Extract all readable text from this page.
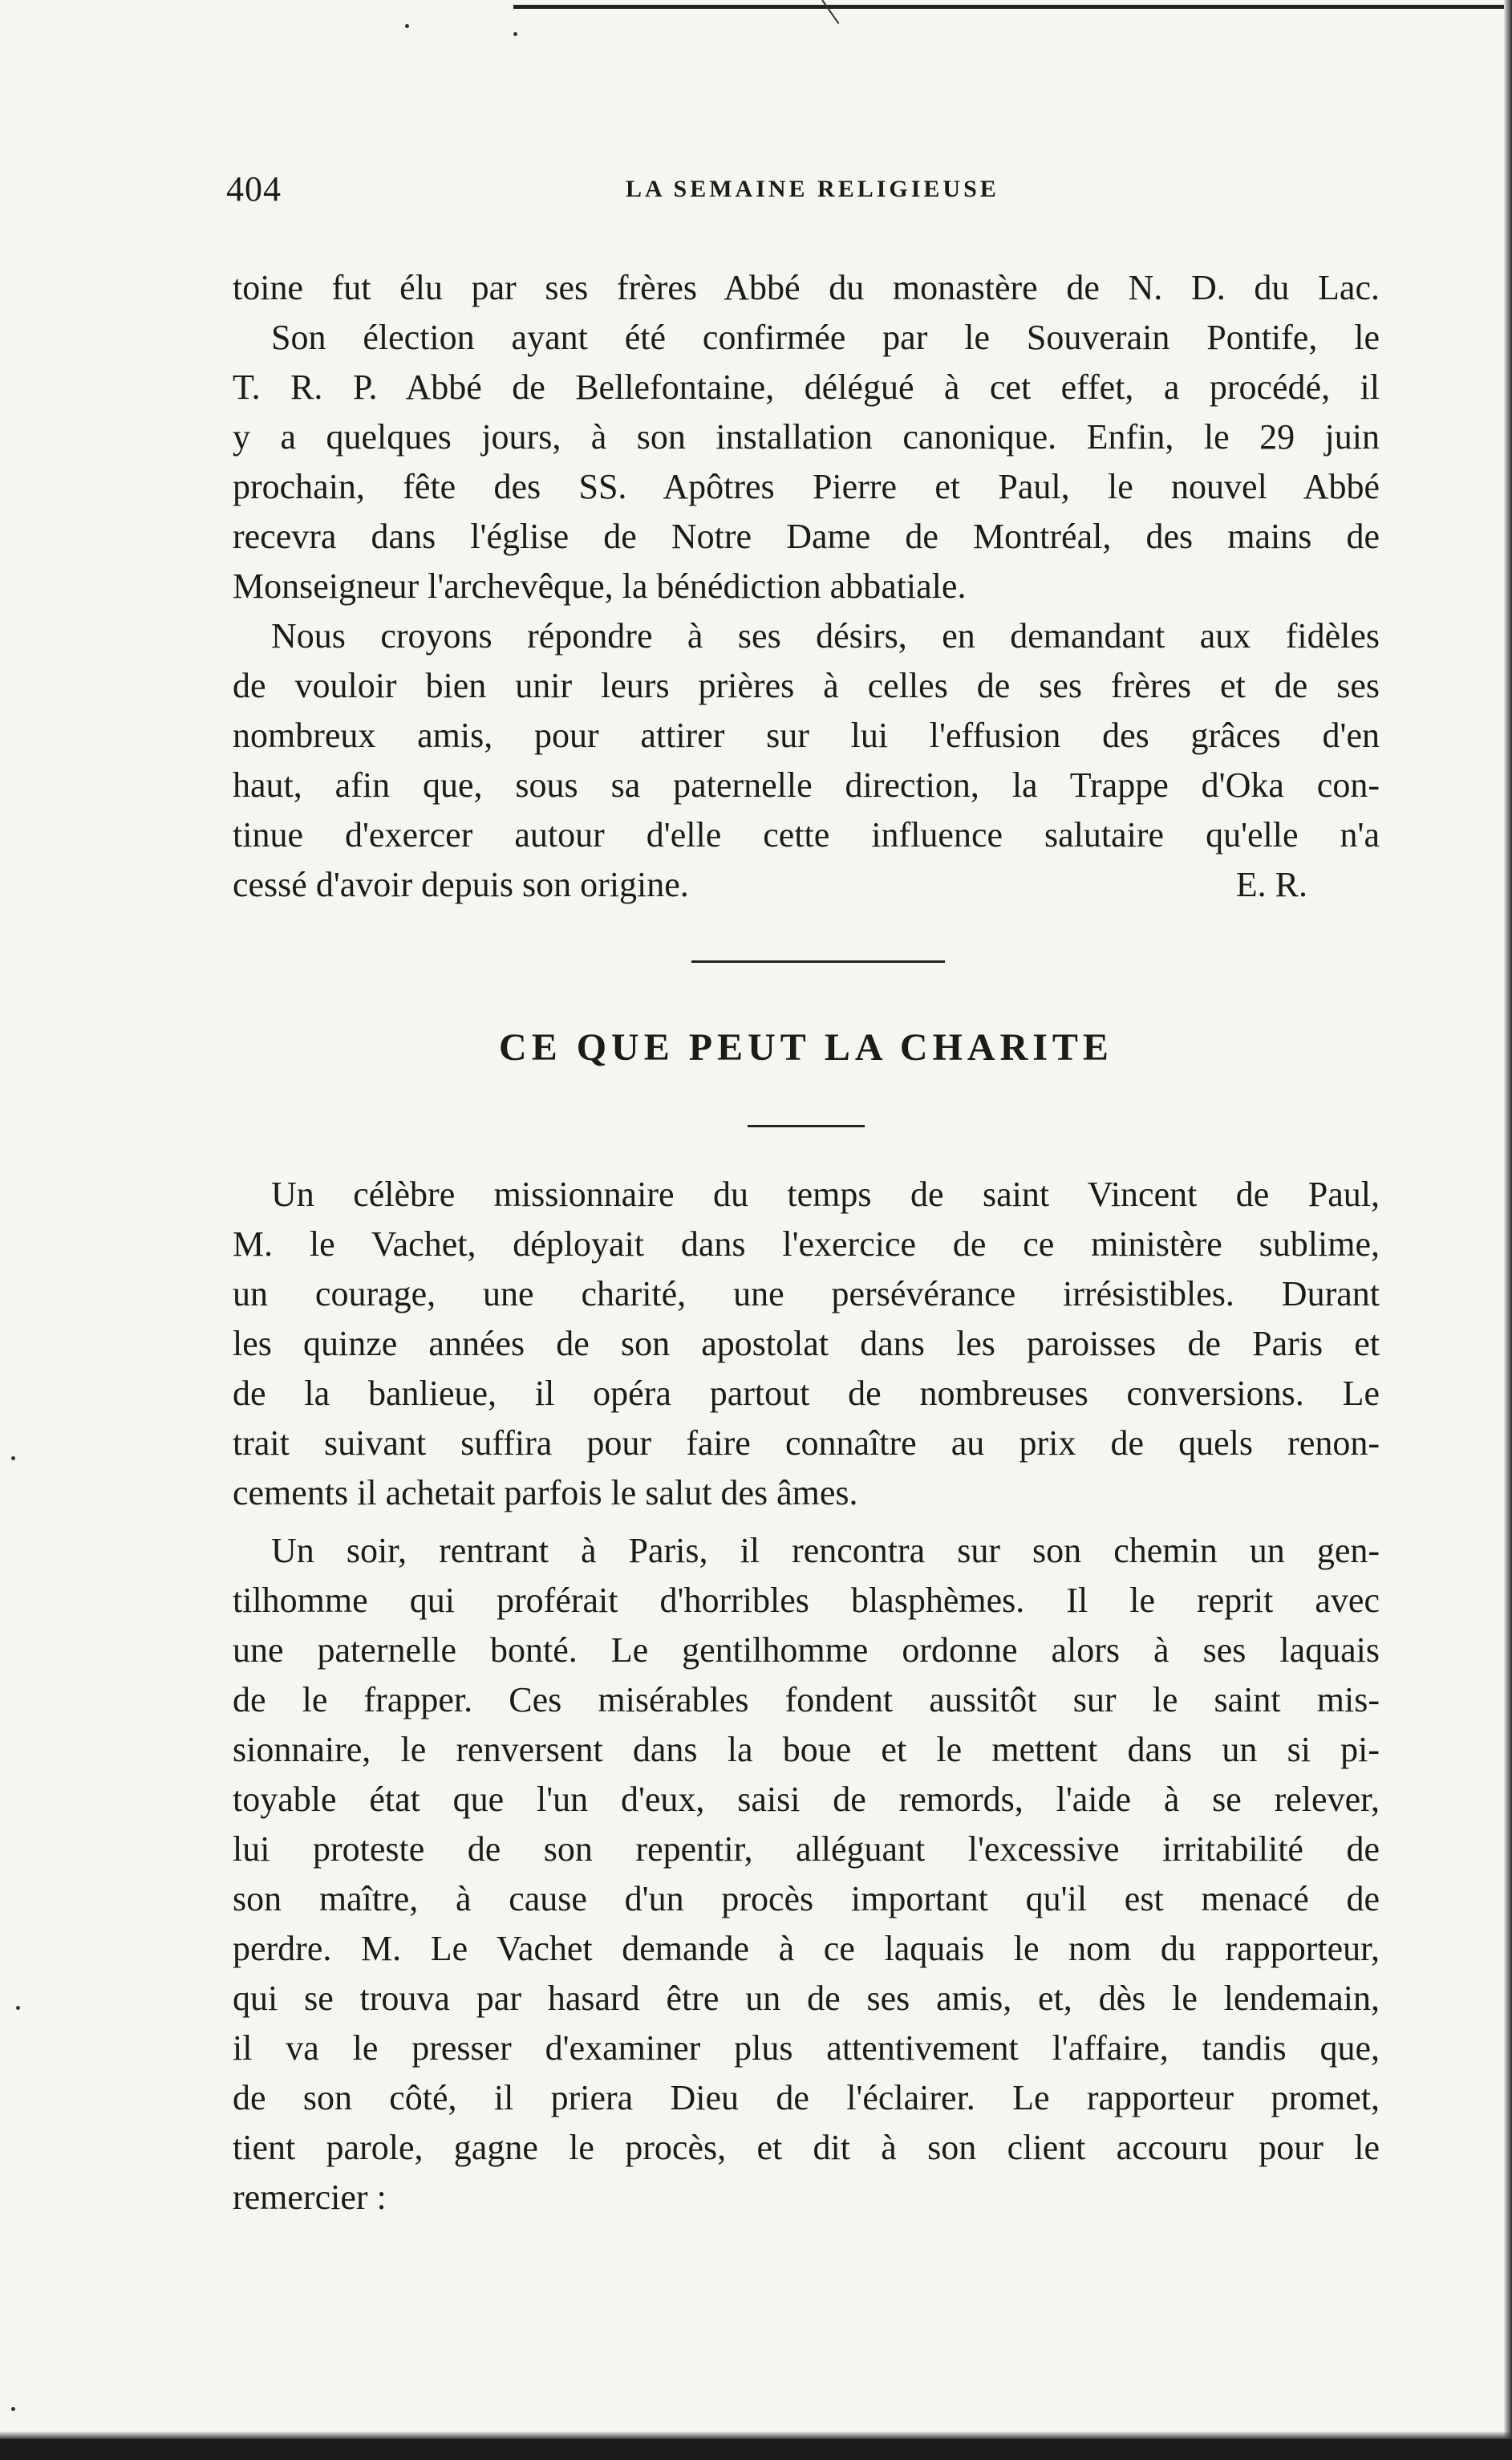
404	LA SEMAINE RELIGIEUSE
toine fut élu par ses frères Abbé du monastère de N. D. du Lac.
Son élection ayant été confirmée par le Souverain Pontife, le
T. R. P. Abbé de Bellefontaine, délégué à cet effet, a procédé, il
y a quelques jours, à son installation canonique. Enfin, le 29 juin
prochain, fête des SS. Apôtres Pierre et Paul, le nouvel Abbé
recevra dans l'église de Notre Dame de Montréal, des mains de
Monseigneur l'archevêque, la bénédiction abbatiale.
Nous croyons répondre à ses désirs, en demandant aux fidèles
de vouloir bien unir leurs prières à celles de ses frères et de ses
nombreux amis, pour attirer sur lui l'effusion des grâces d'en
haut, afin que, sous sa paternelle direction, la Trappe d'Oka con-
tinue d'exercer autour d'elle cette influence salutaire qu'elle n'a
cessé d'avoir depuis son origine.	E. R.
CE QUE PEUT LA CHARITE
Un célèbre missionnaire du temps de saint Vincent de Paul,
M. le Vachet, déployait dans l'exercice de ce ministère sublime,
un courage, une charité, une persévérance irrésistibles. Durant
les quinze années de son apostolat dans les paroisses de Paris et
de la banlieue, il opéra partout de nombreuses conversions. Le
trait suivant suffira pour faire connaître au prix de quels renon-
cements il achetait parfois le salut des âmes.
Un soir, rentrant à Paris, il rencontra sur son chemin un gen-
tilhomme qui proférait d'horribles blasphèmes. Il le reprit avec
une paternelle bonté. Le gentilhomme ordonne alors à ses laquais
de le frapper. Ces misérables fondent aussitôt sur le saint mis-
sionnaire, le renversent dans la boue et le mettent dans un si pi-
toyable état que l'un d'eux, saisi de remords, l'aide à se relever,
lui proteste de son repentir, alléguant l'excessive irritabilité de
son maître, à cause d'un procès important qu'il est menacé de
perdre. M. Le Vachet demande à ce laquais le nom du rapporteur,
qui se trouva par hasard être un de ses amis, et, dès le lendemain,
il va le presser d'examiner plus attentivement l'affaire, tandis que,
de son côté, il priera Dieu de l'éclairer. Le rapporteur promet,
tient parole, gagne le procès, et dit à son client accouru pour le
remercier :
